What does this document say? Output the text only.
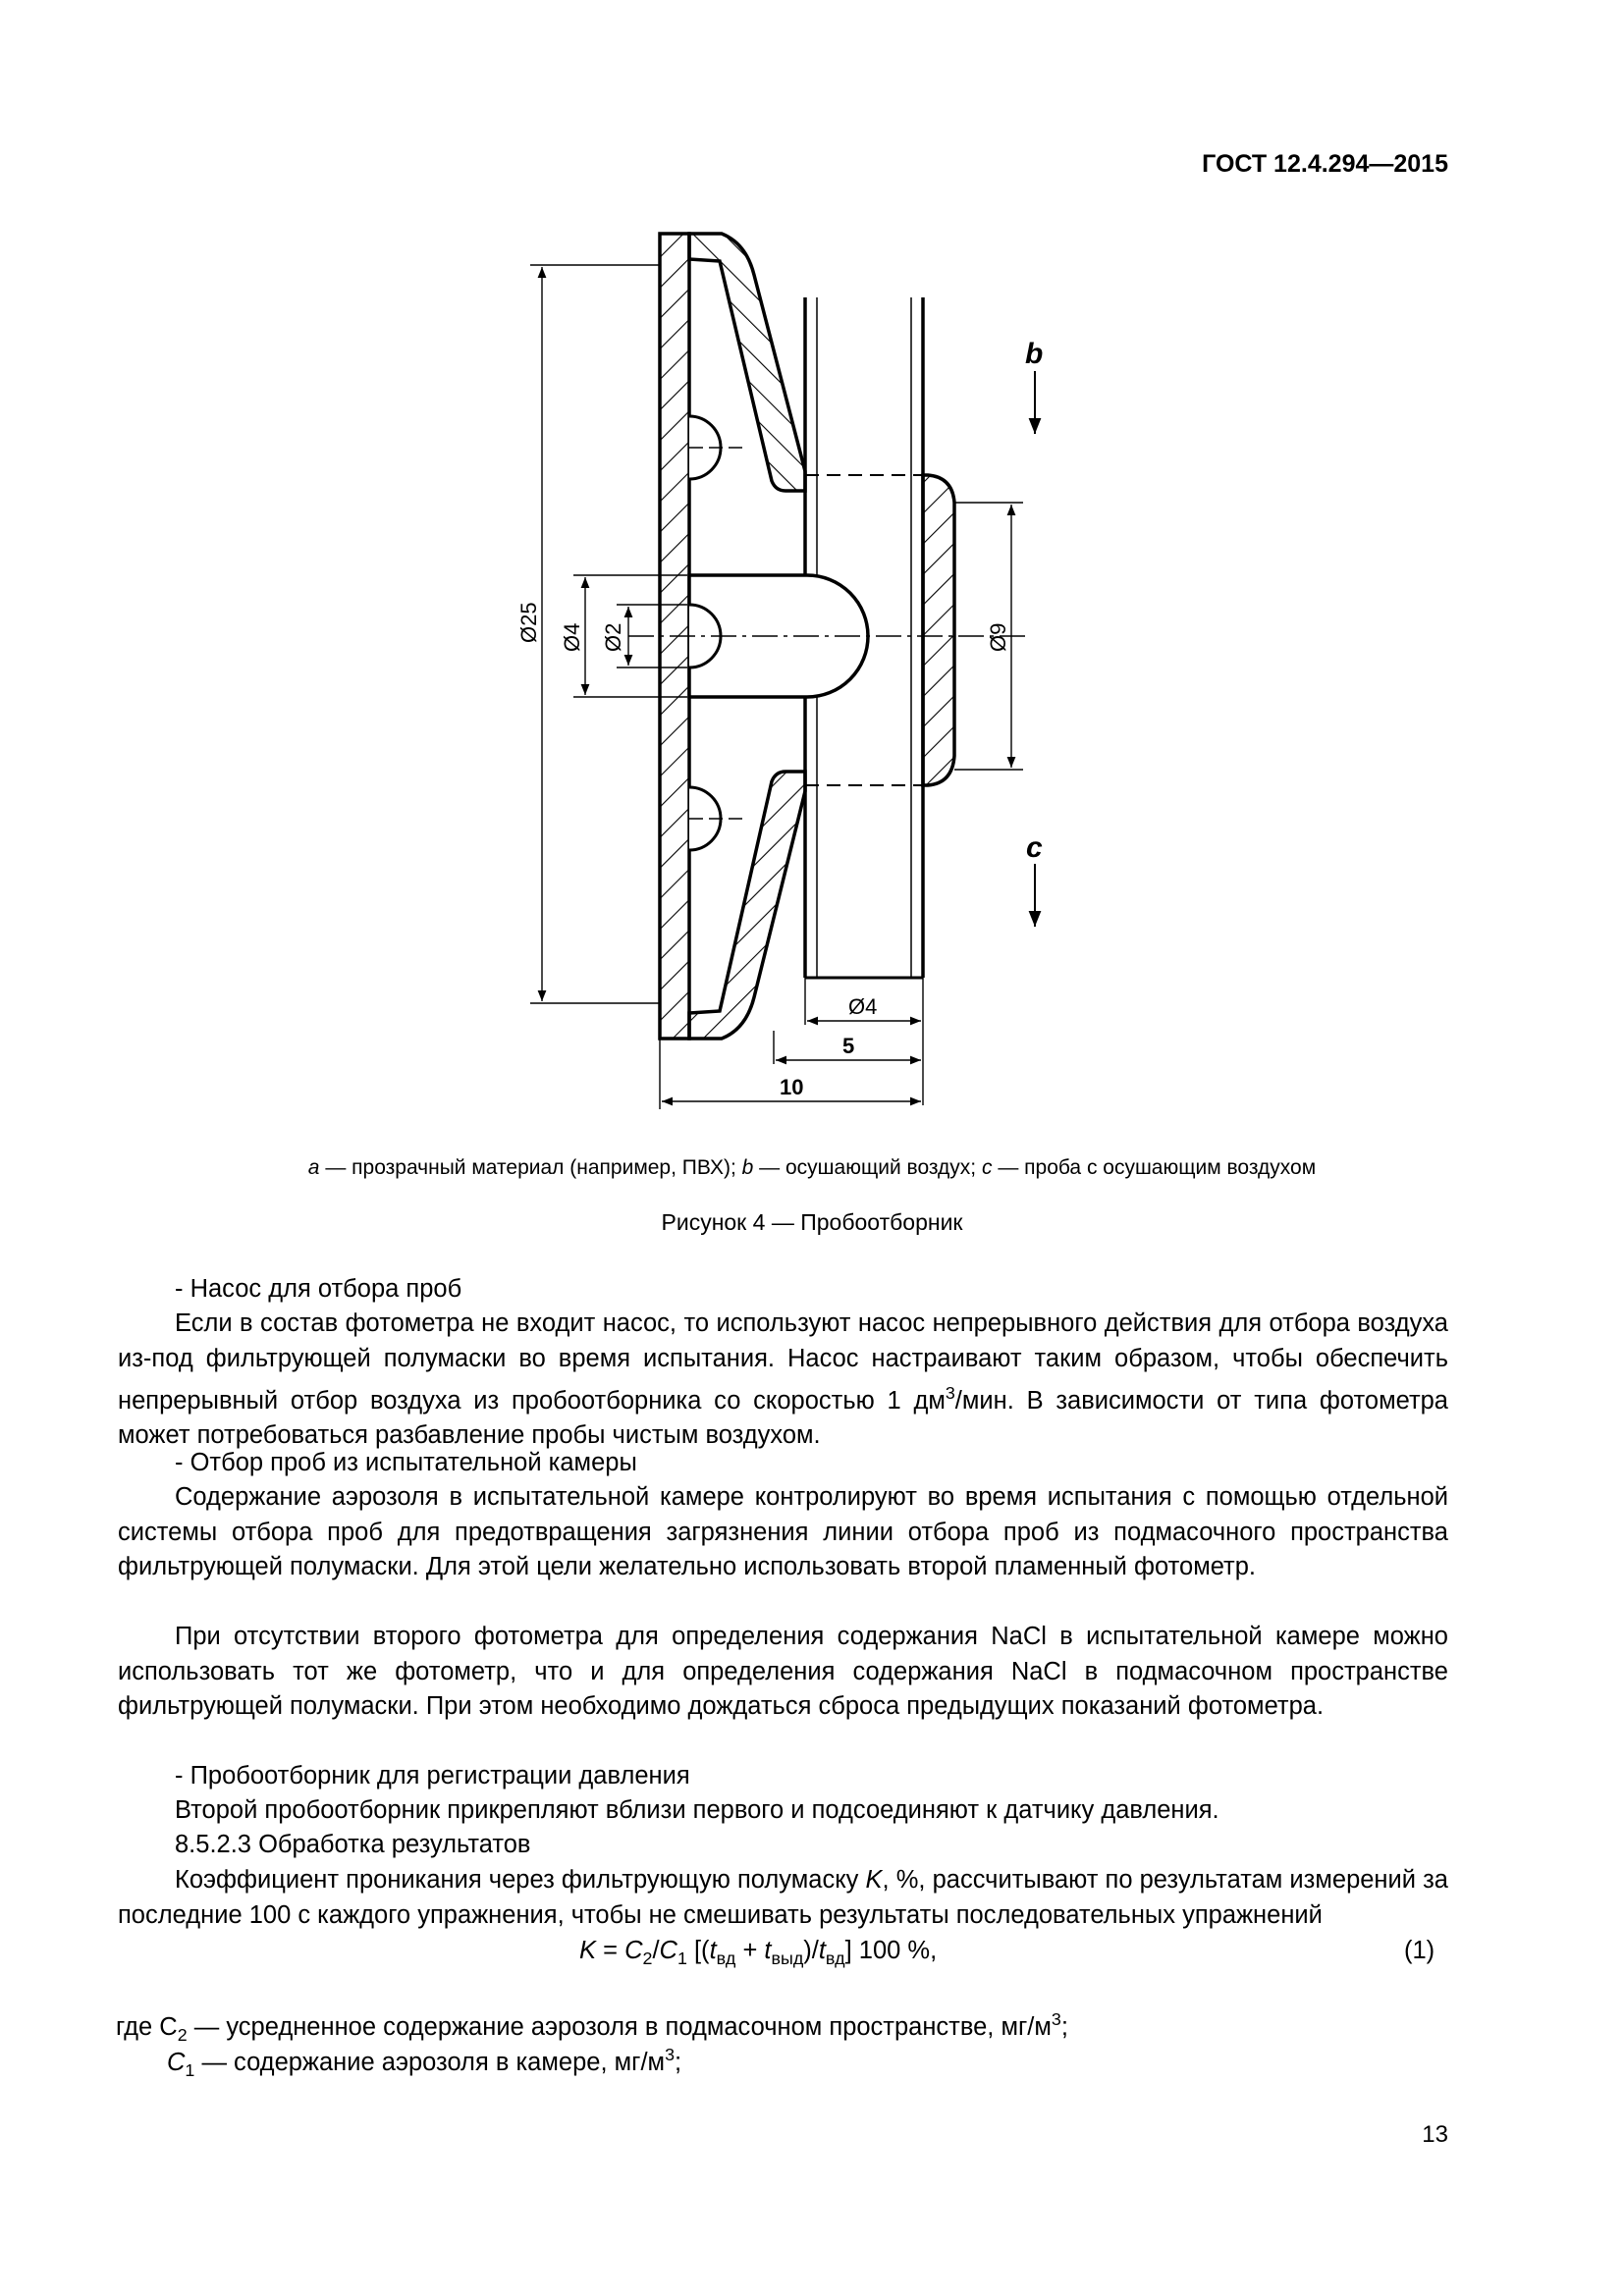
ГОСТ 12.4.294—2015
Ø25 Ø4 Ø2	Ø9
Ø4
5
10
b
c
a — прозрачный материал (например, ПВХ); b — осушающий воздух; c — проба с осушающим воздухом
Рисунок 4 — Пробоотборник
- Насос для отбора проб
Если в состав фотометра не входит насос, то используют насос непрерывного действия для отбора воздуха из-под фильтрующей полумаски во время испытания. Насос настраивают таким образом, чтобы обеспечить непрерывный отбор воздуха из пробоотборника со скоростью 1 $дм^3$/мин. В зависимости от типа фотометра может потребоваться разбавление пробы чистым воздухом.
- Отбор проб из испытательной камеры
Содержание аэрозоля в испытательной камере контролируют во время испытания с помощью отдельной системы отбора проб для предотвращения загрязнения линии отбора проб из подмасочного пространства фильтрующей полумаски. Для этой цели желательно использовать второй пламенный фотометр.
При отсутствии второго фотометра для определения содержания NaCl в испытательной камере можно использовать тот же фотометр, что и для определения содержания NaCl в подмасочном пространстве фильтрующей полумаски. При этом необходимо дождаться сброса предыдущих показаний фотометра.
- Пробоотборник для регистрации давления
Второй пробоотборник прикрепляют вблизи первого и подсоединяют к датчику давления.
8.5.2.3 Обработка результатов
Коэффициент проникания через фильтрующую полумаску K, %, рассчитывают по результатам измерений за последние 100 с каждого упражнения, чтобы не смешивать результаты последовательных упражнений
$K = C_2/C_1$ $[(t_{вд} + t_{выд})/t_{вд}]$ 100 %,	(1)
где $С_2$ — усредненное содержание аэрозоля в подмасочном пространстве, $мг/м^3$;
$C_1$ — содержание аэрозоля в камере, $мг/м^3$;
13
